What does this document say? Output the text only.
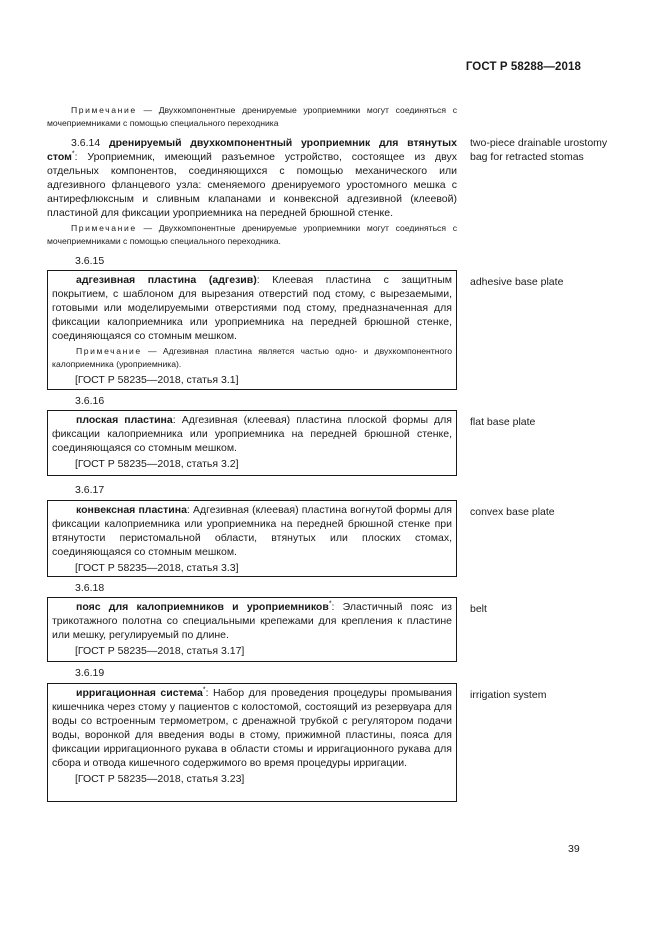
ГОСТ Р 58288—2018
Примечание — Двухкомпонентные дренируемые уроприемники могут соединяться с мочеприемниками с помощью специального переходника
3.6.14 дренируемый двухкомпонентный уроприемник для втянутых стом*: Уроприемник, имеющий разъемное устройство, состоящее из двух отдельных компонентов, соединяющихся с помощью механического или адгезивного фланцевого узла: сменяемого дренируемого уростомного мешка с антирефлюксным и сливным клапанами и конвексной адгезивной (клеевой) пластиной для фиксации уроприемника на передней брюшной стенке.
two-piece drainable urostomy bag for retracted stomas
Примечание — Двухкомпонентные дренируемые уроприемники могут соединяться с мочеприемниками с помощью специального переходника.
3.6.15

адгезивная пластина (адгезив): Клеевая пластина с защитным покрытием, с шаблоном для вырезания отверстий под стому, с вырезаемыми, готовыми или моделируемыми отверстиями под стому, предназначенная для фиксации калоприемника или уроприемника на передней брюшной стенке, соединяющаяся со стомным мешком.

Примечание — Адгезивная пластина является частью одно- и двухкомпонентного калоприемника (уроприемника).

[ГОСТ Р 58235—2018, статья 3.1]

adhesive base plate
3.6.16

плоская пластина: Адгезивная (клеевая) пластина плоской формы для фиксации калоприемника или уроприемника на передней брюшной стенке, соединяющаяся со стомным мешком.

[ГОСТ Р 58235—2018, статья 3.2]

flat base plate
3.6.17

конвексная пластина: Адгезивная (клеевая) пластина вогнутой формы для фиксации калоприемника или уроприемника на передней брюшной стенке при втянутости перистомальной области, втянутых или плоских стомах, соединяющаяся со стомным мешком.

[ГОСТ Р 58235—2018, статья 3.3]

convex base plate
3.6.18

пояс для калоприемников и уроприемников*: Эластичный пояс из трикотажного полотна со специальными крепежами для крепления к пластине или мешку, регулируемый по длине.

[ГОСТ Р 58235—2018, статья 3.17]

belt
3.6.19

ирригационная система*: Набор для проведения процедуры промывания кишечника через стому у пациентов с колостомой, состоящий из резервуара для воды со встроенным термометром, с дренажной трубкой с регулятором подачи воды, воронкой для введения воды в стому, прижимной пластины, пояса для фиксации ирригационного рукава в области стомы и ирригационного рукава для сбора и отвода кишечного содержимого во время процедуры ирригации.

[ГОСТ Р 58235—2018, статья 3.23]

irrigation system
39
